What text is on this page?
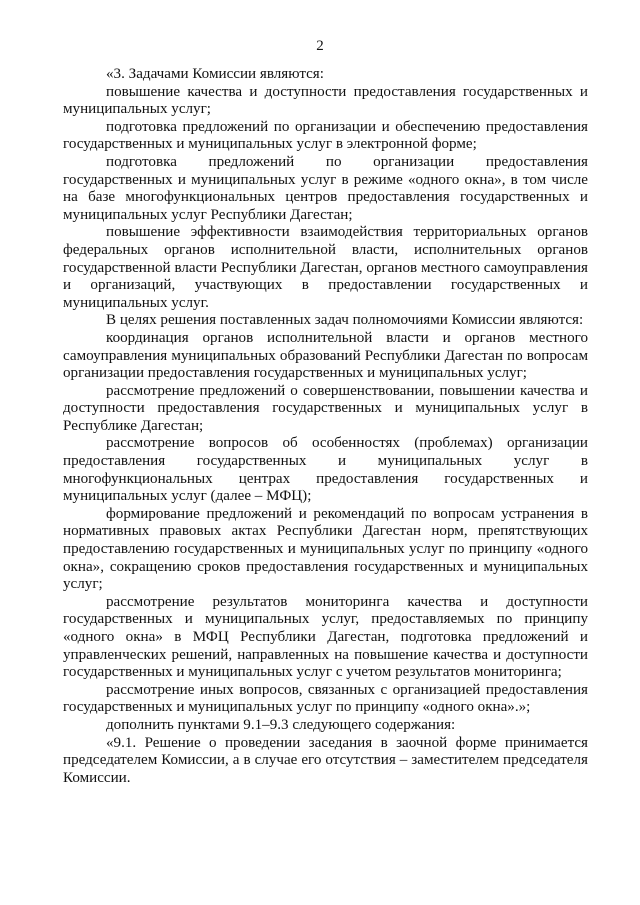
2

«3. Задачами Комиссии являются:

повышение качества и доступности предоставления государственных и муниципальных услуг;

подготовка предложений по организации и обеспечению предоставления государственных и муниципальных услуг в электронной форме;

подготовка предложений по организации предоставления государственных и муниципальных услуг в режиме «одного окна», в том числе на базе многофункциональных центров предоставления государственных и муниципальных услуг Республики Дагестан;

повышение эффективности взаимодействия территориальных органов федеральных органов исполнительной власти, исполнительных органов государственной власти Республики Дагестан, органов местного самоуправления и организаций, участвующих в предоставлении государственных и муниципальных услуг.

В целях решения поставленных задач полномочиями Комиссии являются:

координация органов исполнительной власти и органов местного самоуправления муниципальных образований Республики Дагестан по вопросам организации предоставления государственных и муниципальных услуг;

рассмотрение предложений о совершенствовании, повышении качества и доступности предоставления государственных и муниципальных услуг в Республике Дагестан;

рассмотрение вопросов об особенностях (проблемах) организации предоставления государственных и муниципальных услуг в многофункциональных центрах предоставления государственных и муниципальных услуг (далее – МФЦ);

формирование предложений и рекомендаций по вопросам устранения в нормативных правовых актах Республики Дагестан норм, препятствующих предоставлению государственных и муниципальных услуг по принципу «одного окна», сокращению сроков предоставления государственных и муниципальных услуг;

рассмотрение результатов мониторинга качества и доступности государственных и муниципальных услуг, предоставляемых по принципу «одного окна» в МФЦ Республики Дагестан, подготовка предложений и управленческих решений, направленных на повышение качества и доступности государственных и муниципальных услуг с учетом результатов мониторинга;

рассмотрение иных вопросов, связанных с организацией предоставления государственных и муниципальных услуг по принципу «одного окна».»;

дополнить пунктами 9.1–9.3 следующего содержания:

«9.1. Решение о проведении заседания в заочной форме принимается председателем Комиссии, а в случае его отсутствия – заместителем председателя Комиссии.
